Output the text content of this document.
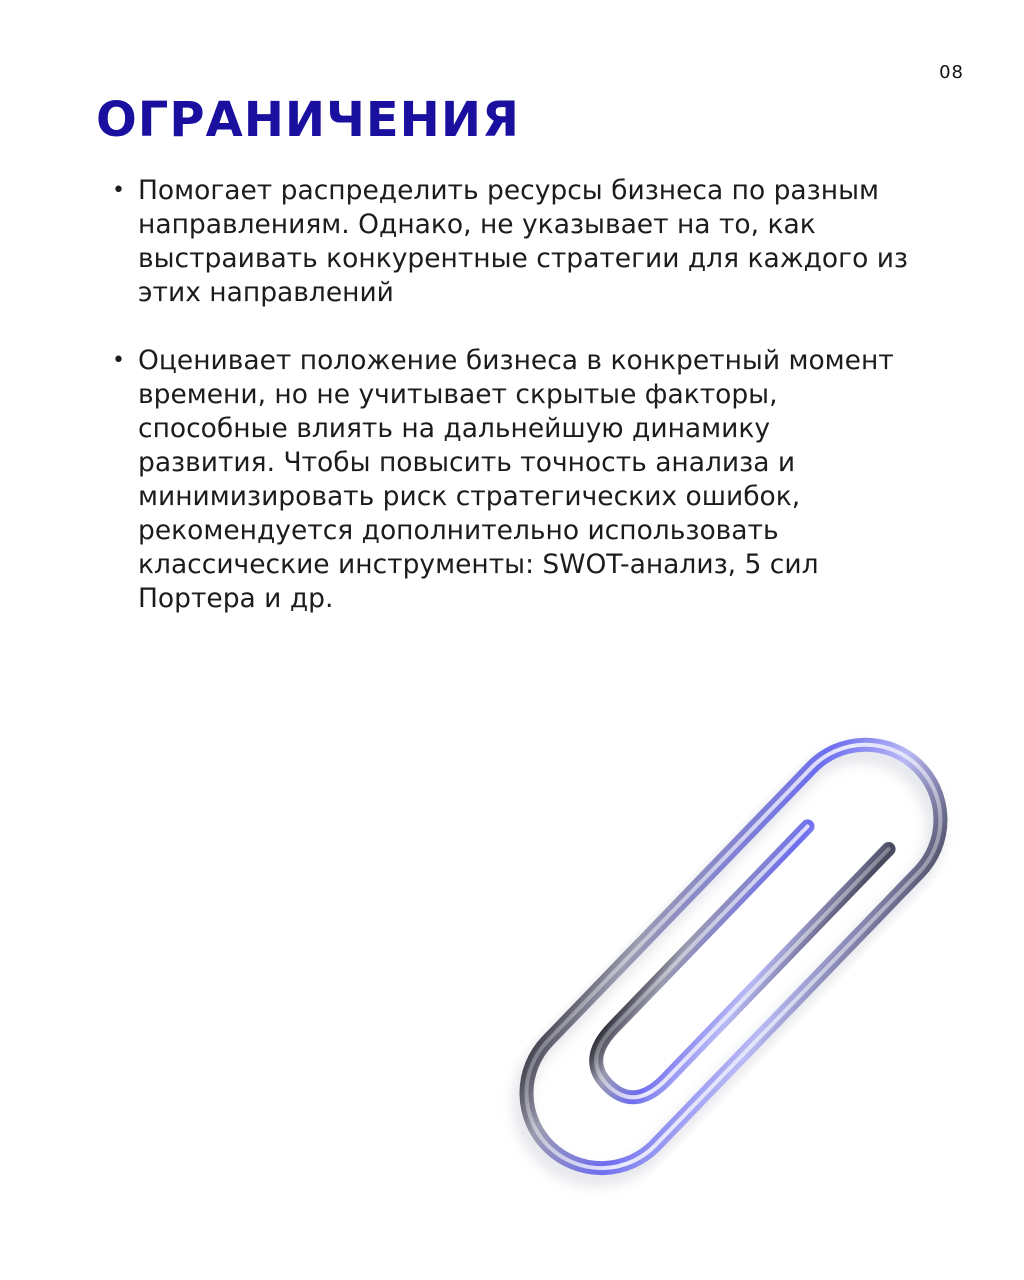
08
ОГРАНИЧЕНИЯ
• Помогает распределить ресурсы бизнеса по разным направлениям. Однако, не указывает на то, как выстраивать конкурентные стратегии для каждого из этих направлений
• Оценивает положение бизнеса в конкретный момент времени, но не учитывает скрытые факторы, способные влиять на дальнейшую динамику развития. Чтобы повысить точность анализа и минимизировать риск стратегических ошибок, рекомендуется дополнительно использовать классические инструменты: SWOT-анализ, 5 сил Портера и др.
